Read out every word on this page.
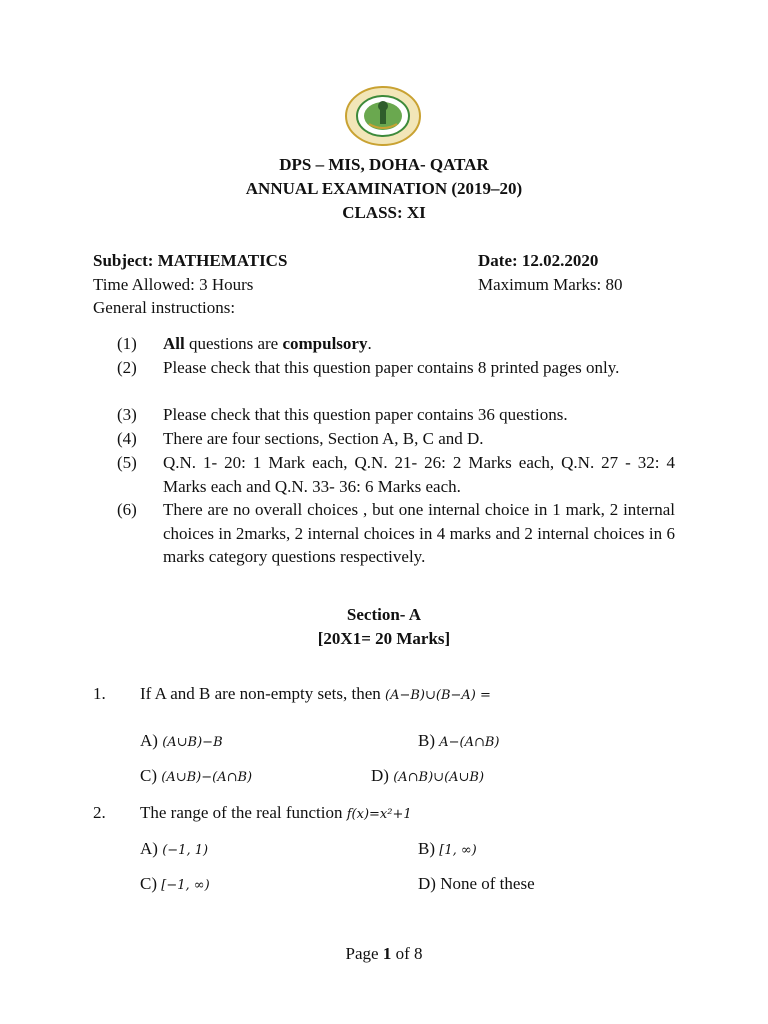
DPS – MIS, DOHA- QATAR
ANNUAL EXAMINATION (2019–20)
CLASS: XI
Subject: MATHEMATICS	Date: 12.02.2020
Time Allowed: 3 Hours	Maximum Marks: 80
General instructions:
(1) All questions are compulsory.
(2) Please check that this question paper contains 8 printed pages only.
(3) Please check that this question paper contains 36 questions.
(4) There are four sections, Section A, B, C and D.
(5) Q.N. 1- 20: 1 Mark each, Q.N. 21- 26: 2 Marks each, Q.N. 27 - 32: 4 Marks each and Q.N. 33- 36: 6 Marks each.
(6) There are no overall choices , but one internal choice in 1 mark, 2 internal choices in 2marks, 2 internal choices in 4 marks and 2 internal choices in 6 marks category questions respectively.
Section- A
[20X1= 20 Marks]
1. If A and B are non-empty sets, then (A−B)∪(B−A) =
A) (A∪B)−B	B) A−(A∩B)
C) (A∪B)−(A∩B)	D) (A∩B)∪(A∪B)
2. The range of the real function f(x)=x²+1
A) (−1, 1)	B) [1, ∞)
C) [−1, ∞)	D) None of these
Page 1 of 8
